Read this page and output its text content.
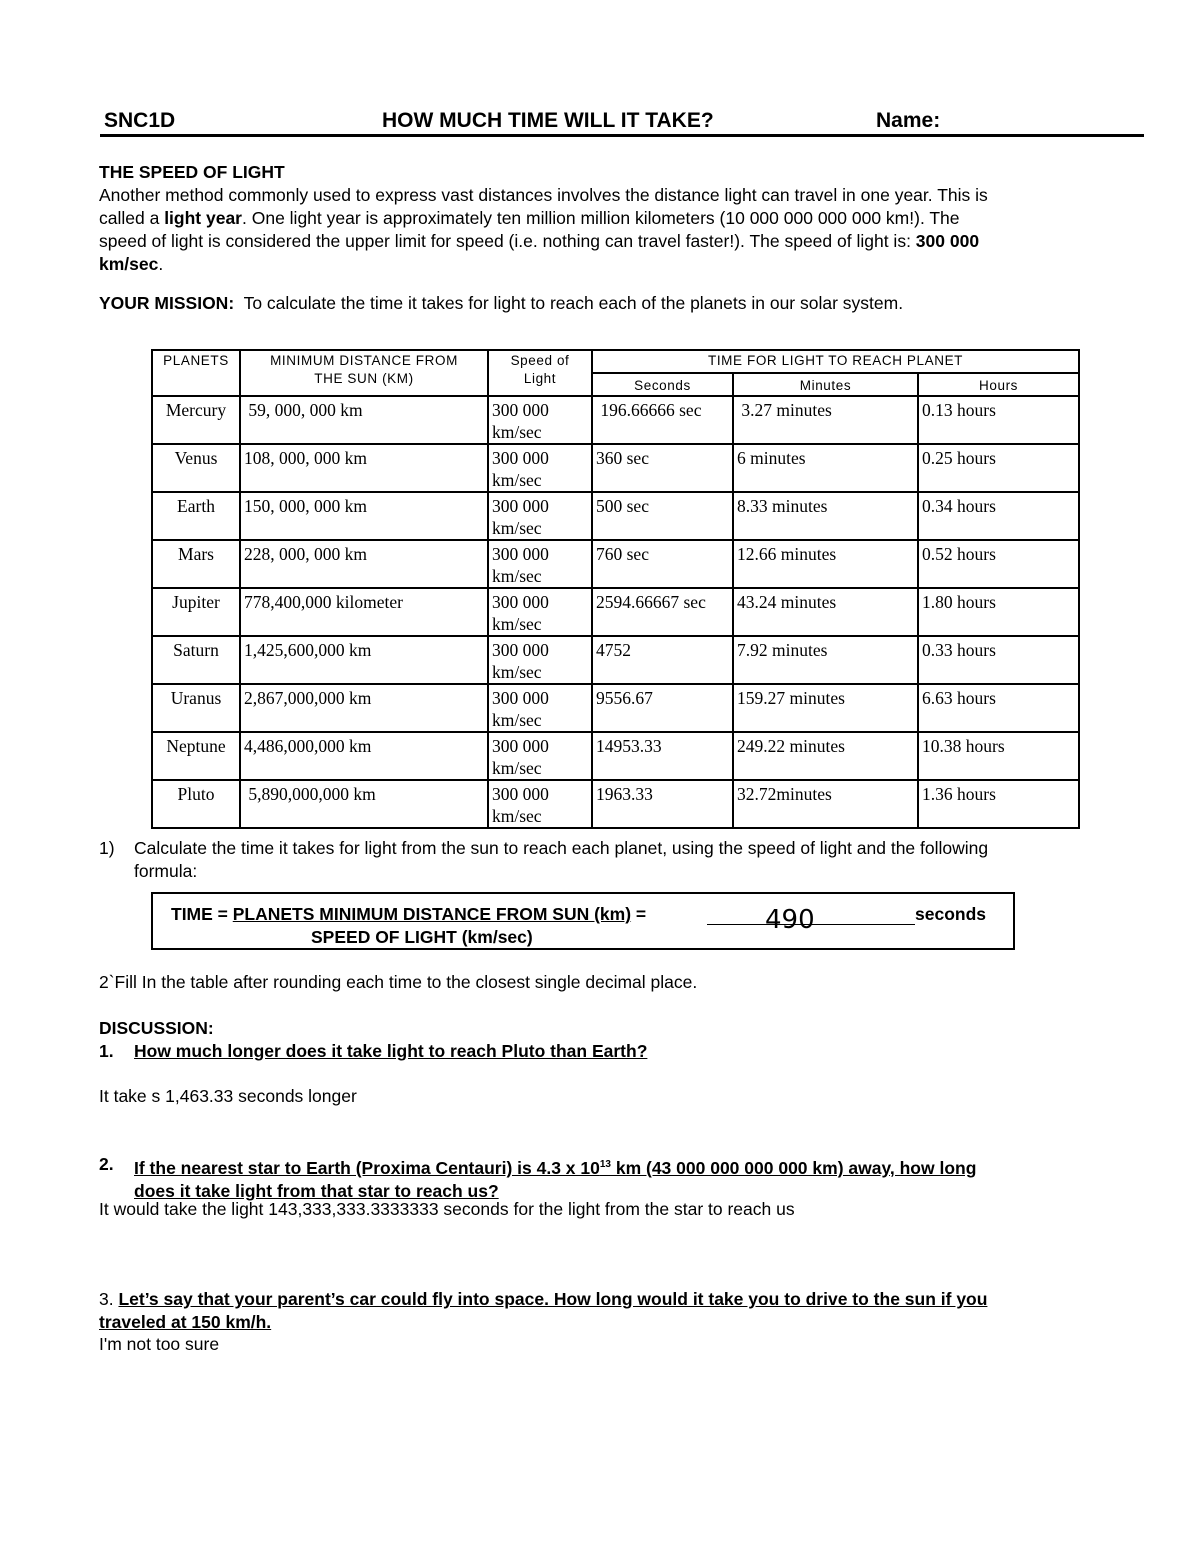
SNC1D	HOW MUCH TIME WILL IT TAKE?	Name:
THE SPEED OF LIGHT
Another method commonly used to express vast distances involves the distance light can travel in one year. This is
called a light year. One light year is approximately ten million million kilometers (10 000 000 000 000 km!). The
speed of light is considered the upper limit for speed (i.e. nothing can travel faster!). The speed of light is: 300 000
km/sec.
YOUR MISSION: To calculate the time it takes for light to reach each of the planets in our solar system.
PLANETS	MINIMUM DISTANCE FROM THE SUN (KM)	Speed of Light	TIME FOR LIGHT TO REACH PLANET		
			Seconds	Minutes	Hours
Mercury	59, 000, 000 km	300 000 km/sec	196.66666 sec	3.27 minutes	0.13 hours
Venus	108, 000, 000 km	300 000 km/sec	360 sec	6 minutes	0.25 hours
Earth	150, 000, 000 km	300 000 km/sec	500 sec	8.33 minutes	0.34 hours
Mars	228, 000, 000 km	300 000 km/sec	760 sec	12.66 minutes	0.52 hours
Jupiter	778,400,000 kilometer	300 000 km/sec	2594.66667 sec	43.24 minutes	1.80 hours
Saturn	1,425,600,000 km	300 000 km/sec	4752	7.92 minutes	0.33 hours
Uranus	2,867,000,000 km	300 000 km/sec	9556.67	159.27 minutes	6.63 hours
Neptune	4,486,000,000 km	300 000 km/sec	14953.33	249.22 minutes	10.38 hours
Pluto	5,890,000,000 km	300 000 km/sec	1963.33	32.72minutes	1.36 hours
1) Calculate the time it takes for light from the sun to reach each planet, using the speed of light and the following
formula:
TIME = PLANETS MINIMUM DISTANCE FROM SUN (km) =	490	seconds
SPEED OF LIGHT (km/sec)
2`Fill In the table after rounding each time to the closest single decimal place.
DISCUSSION:
1. How much longer does it take light to reach Pluto than Earth?
It take s 1,463.33 seconds longer
2. If the nearest star to Earth (Proxima Centauri) is 4.3 x $10^{13}$ km (43 000 000 000 000 km) away, how long
does it take light from that star to reach us?
It would take the light 143,333,333.3333333 seconds for the light from the star to reach us
3. Let’s say that your parent’s car could fly into space. How long would it take you to drive to the sun if you
traveled at 150 km/h.
I'm not too sure
